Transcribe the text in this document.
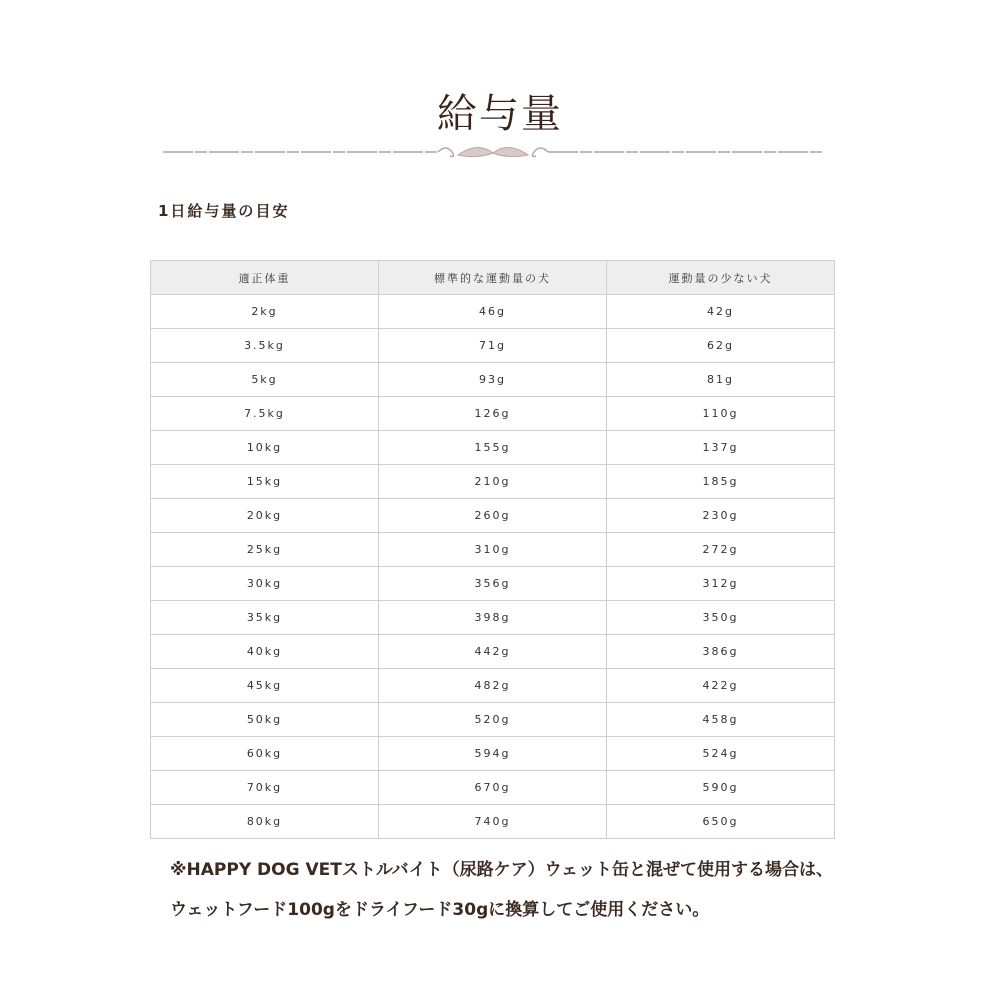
給与量
1日給与量の目安
適正体重	標準的な運動量の犬	運動量の少ない犬
2kg	46g	42g
3.5kg	71g	62g
5kg	93g	81g
7.5kg	126g	110g
10kg	155g	137g
15kg	210g	185g
20kg	260g	230g
25kg	310g	272g
30kg	356g	312g
35kg	398g	350g
40kg	442g	386g
45kg	482g	422g
50kg	520g	458g
60kg	594g	524g
70kg	670g	590g
80kg	740g	650g
※HAPPY DOG VETストルバイト（尿路ケア）ウェット缶と混ぜて使用する場合は、
ウェットフード100gをドライフード30gに換算してご使用ください。
